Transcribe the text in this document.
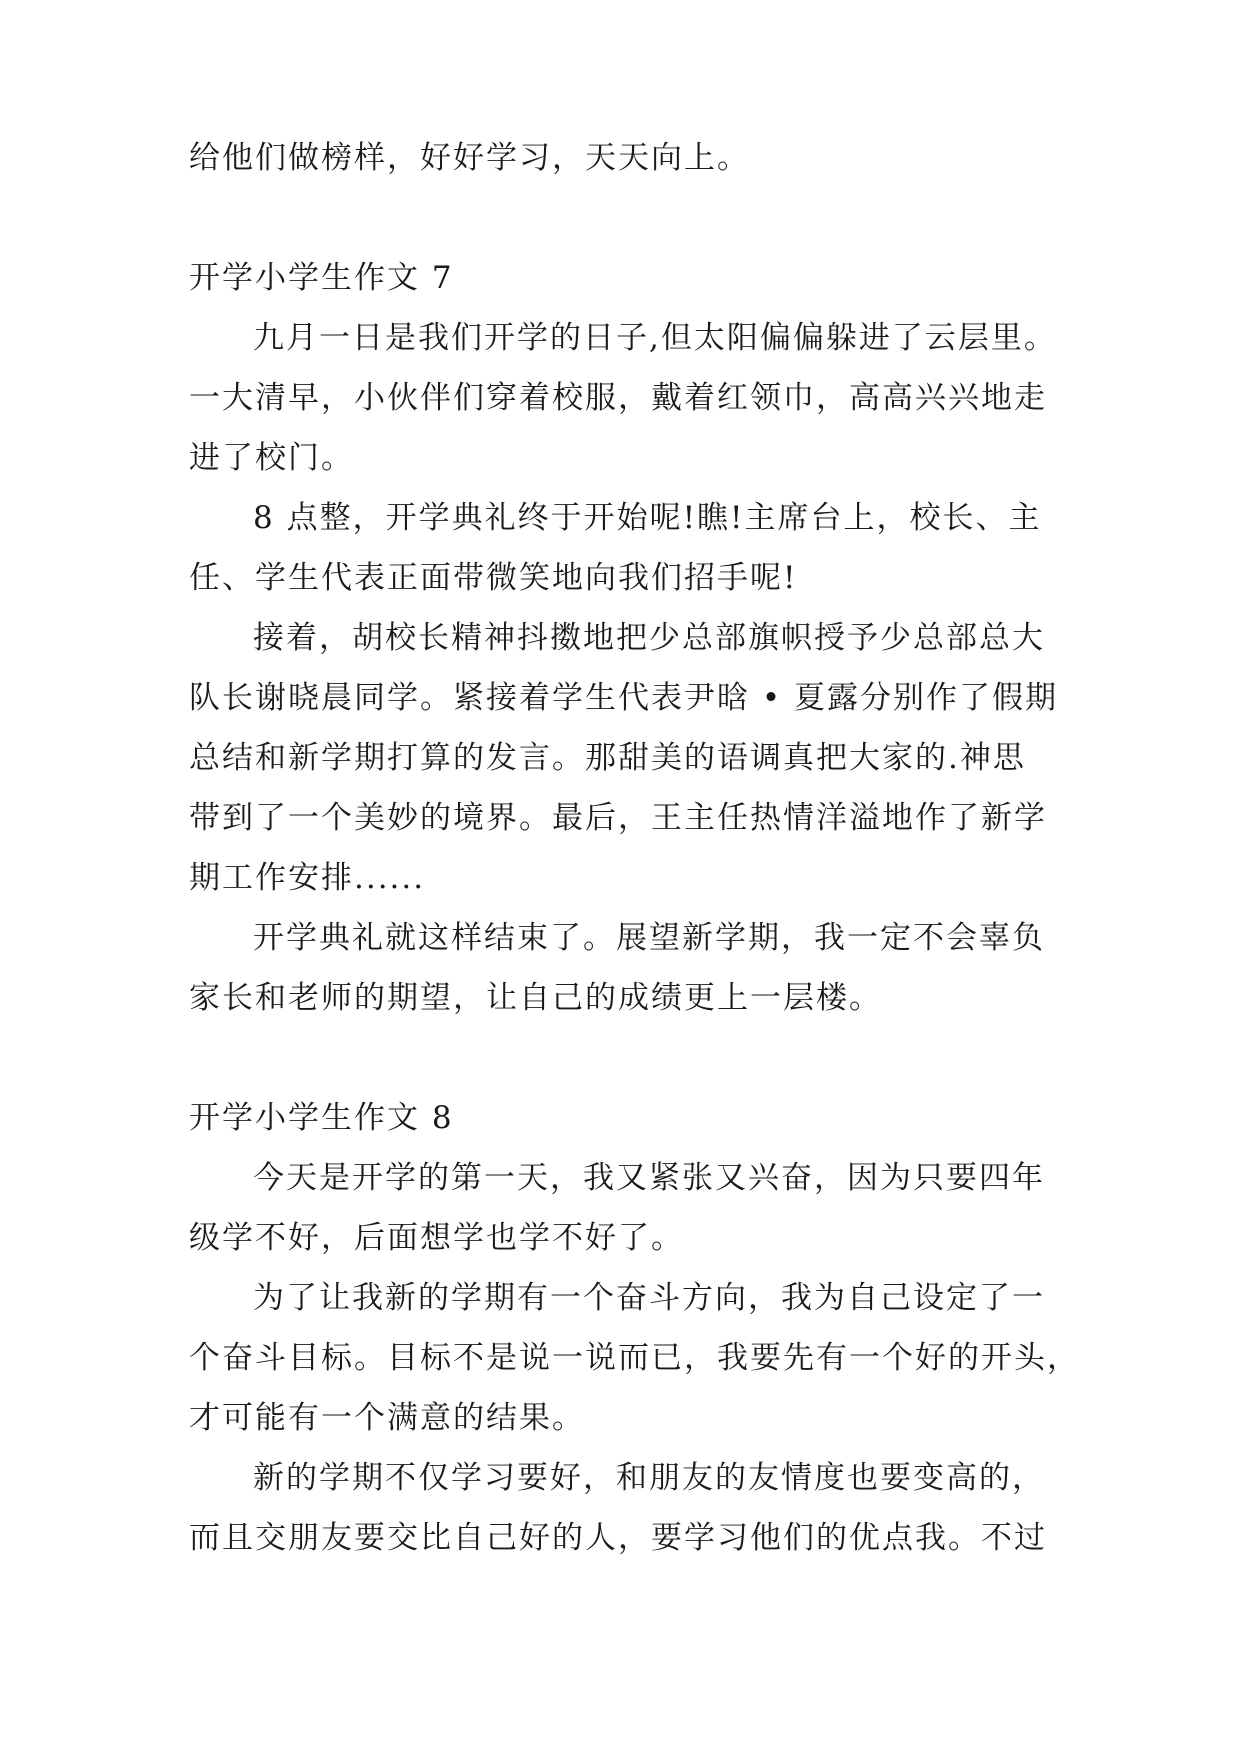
给他们做榜样，好好学习，天天向上。
开学小学生作文 7
九月一日是我们开学的日子,但太阳偏偏躲进了云层里。
一大清早，小伙伴们穿着校服，戴着红领巾，高高兴兴地走
进了校门。
8 点整，开学典礼终于开始呢!瞧!主席台上，校长、主
任、学生代表正面带微笑地向我们招手呢!
接着，胡校长精神抖擞地把少总部旗帜授予少总部总大
队长谢晓晨同学。紧接着学生代表尹晗 • 夏露分别作了假期
总结和新学期打算的发言。那甜美的语调真把大家的.神思
带到了一个美妙的境界。最后，王主任热情洋溢地作了新学
期工作安排......
开学典礼就这样结束了。展望新学期，我一定不会辜负
家长和老师的期望，让自己的成绩更上一层楼。
开学小学生作文 8
今天是开学的第一天，我又紧张又兴奋，因为只要四年
级学不好，后面想学也学不好了。
为了让我新的学期有一个奋斗方向，我为自己设定了一
个奋斗目标。目标不是说一说而已，我要先有一个好的开头，
才可能有一个满意的结果。
新的学期不仅学习要好，和朋友的友情度也要变高的，
而且交朋友要交比自己好的人，要学习他们的优点我。不过
